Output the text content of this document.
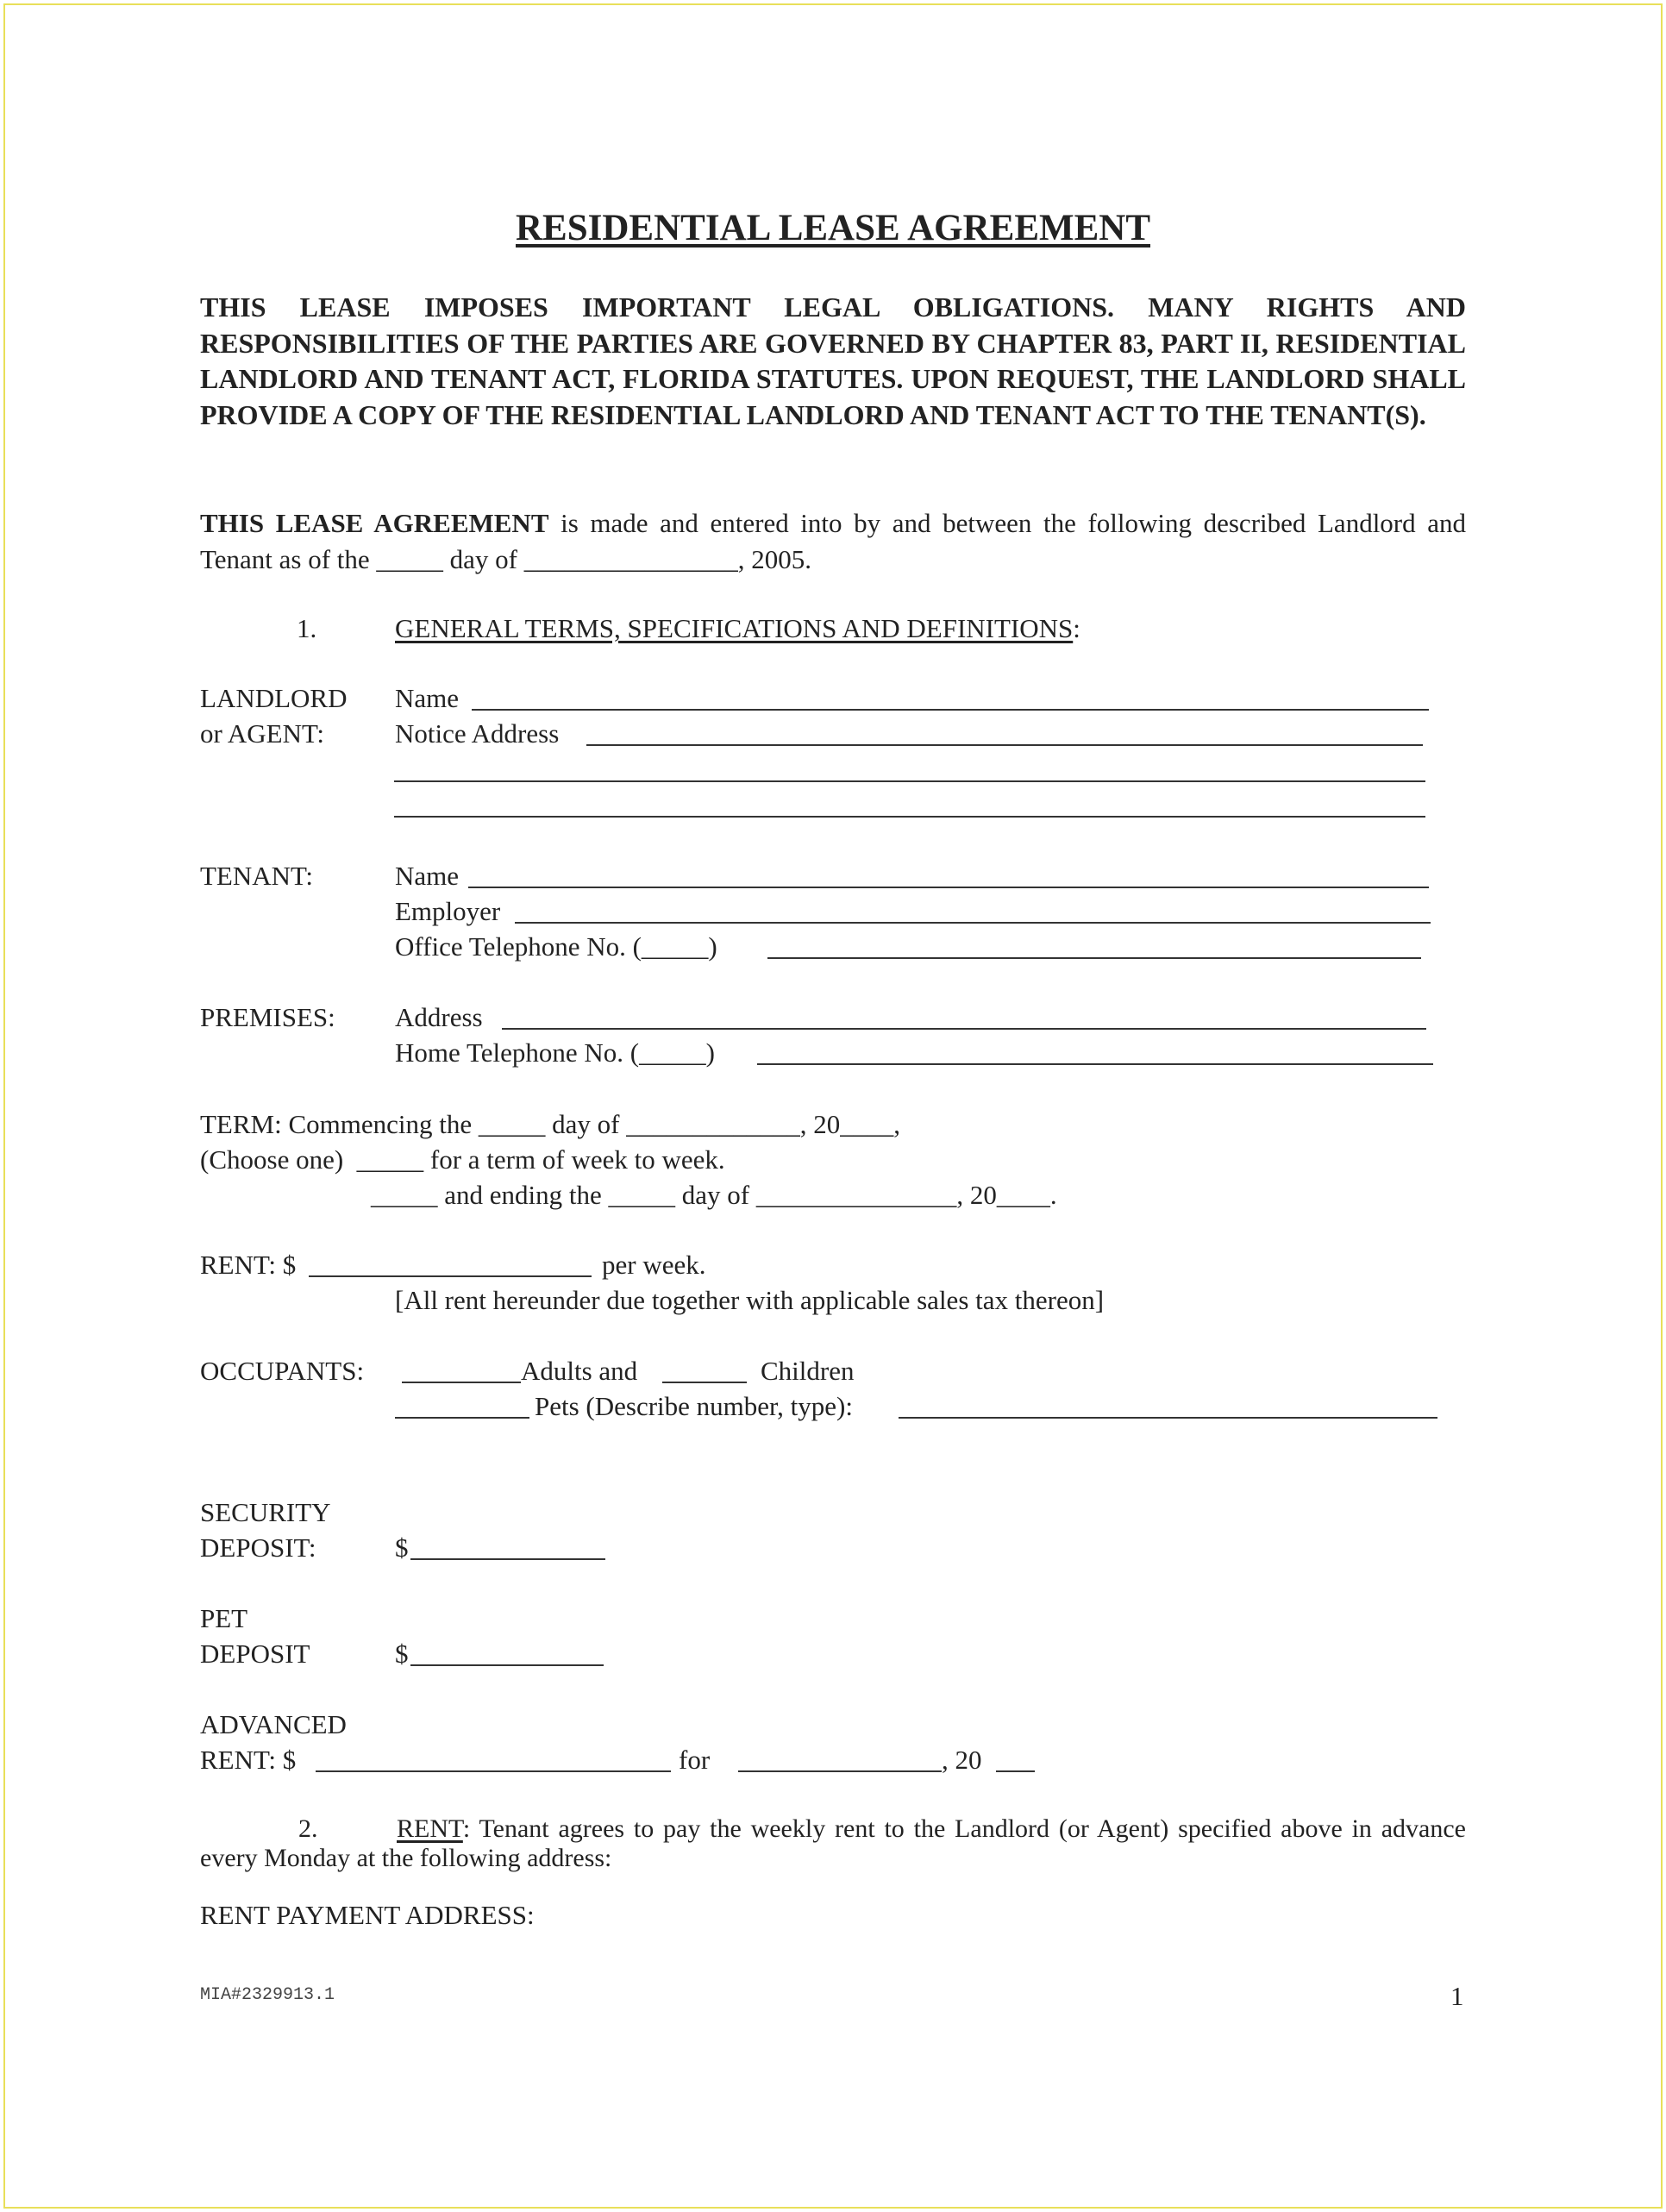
RESIDENTIAL LEASE AGREEMENT
THIS LEASE IMPOSES IMPORTANT LEGAL OBLIGATIONS. MANY RIGHTS AND RESPONSIBILITIES OF THE PARTIES ARE GOVERNED BY CHAPTER 83, PART II, RESIDENTIAL LANDLORD AND TENANT ACT, FLORIDA STATUTES. UPON REQUEST, THE LANDLORD SHALL PROVIDE A COPY OF THE RESIDENTIAL LANDLORD AND TENANT ACT TO THE TENANT(S).
THIS LEASE AGREEMENT is made and entered into by and between the following described Landlord and Tenant as of the _____ day of ________________, 2005.
1.	GENERAL TERMS, SPECIFICATIONS AND DEFINITIONS:
LANDLORD
or AGENT:
Name
Notice Address
TENANT:	Name
Employer
Office Telephone No. (_____)
PREMISES: Address
Home Telephone No. (_____)
TERM: Commencing the _____ day of _____________, 20____,
(Choose one)  _____ for a term of week to week.
_____ and ending the _____ day of _______________, 20____.
RENT: $	per week.
[All rent hereunder due together with applicable sales tax thereon]
OCCUPANTS:	Adults and	Children
Pets (Describe number, type):
SECURITY
DEPOSIT:	$
PET
DEPOSIT	$
ADVANCED
RENT: $	for	, 20
2.	RENT: Tenant agrees to pay the weekly rent to the Landlord (or Agent) specified above in advance every Monday at the following address:
RENT PAYMENT ADDRESS:
MIA#2329913.1	1
